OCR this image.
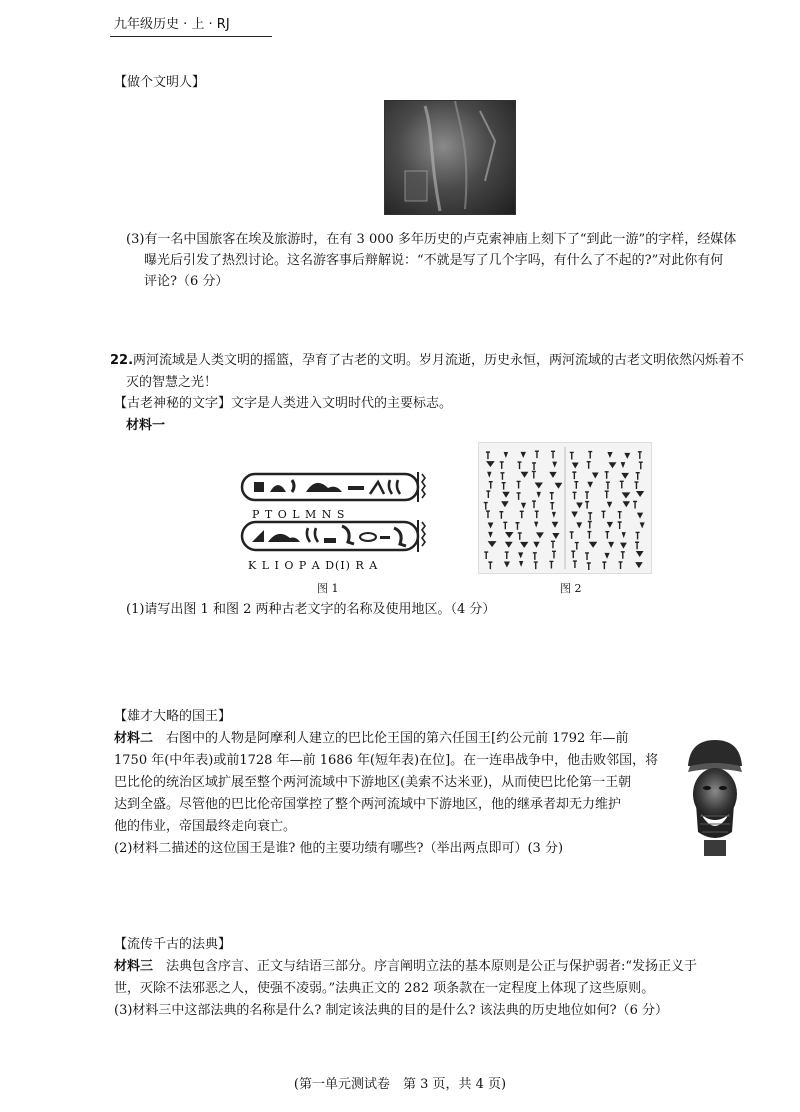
九年级历史 · 上 · RJ
【做个文明人】
(3)有一名中国旅客在埃及旅游时，在有 3 000 多年历史的卢克索神庙上刻下了“到此一游”的字样，经媒体
曝光后引发了热烈讨论。这名游客事后辩解说：“不就是写了几个字吗，有什么了不起的?”对此你有何
评论?（6 分）
22.两河流域是人类文明的摇篮，孕育了古老的文明。岁月流逝，历史永恒，两河流域的古老文明依然闪烁着不
灭的智慧之光！
【古老神秘的文字】文字是人类进入文明时代的主要标志。
材料一
P T O L M N S
K L I O P A D(I) R A
图 1	图 2
(1)请写出图 1 和图 2 两种古老文字的名称及使用地区。（4 分）
【雄才大略的国王】
材料二　 右图中的人物是阿摩利人建立的巴比伦王国的第六任国王[约公元前 1792 年—前
1750 年(中年表)或前1728 年—前 1686 年(短年表)在位]。在一连串战争中，他击败邻国，将
巴比伦的统治区域扩展至整个两河流域中下游地区(美索不达米亚)，从而使巴比伦第一王朝
达到全盛。尽管他的巴比伦帝国掌控了整个两河流域中下游地区，他的继承者却无力维护
他的伟业，帝国最终走向衰亡。
(2)材料二描述的这位国王是谁? 他的主要功绩有哪些?（举出两点即可）(3 分)
【流传千古的法典】
材料三　 法典包含序言、正文与结语三部分。序言阐明立法的基本原则是公正与保护弱者:“发扬正义于
世，灭除不法邪恶之人，使强不凌弱。”法典正文的 282 项条款在一定程度上体现了这些原则。
(3)材料三中这部法典的名称是什么? 制定该法典的目的是什么? 该法典的历史地位如何?（6 分）
(第一单元测试卷　第 3 页，共 4 页)
